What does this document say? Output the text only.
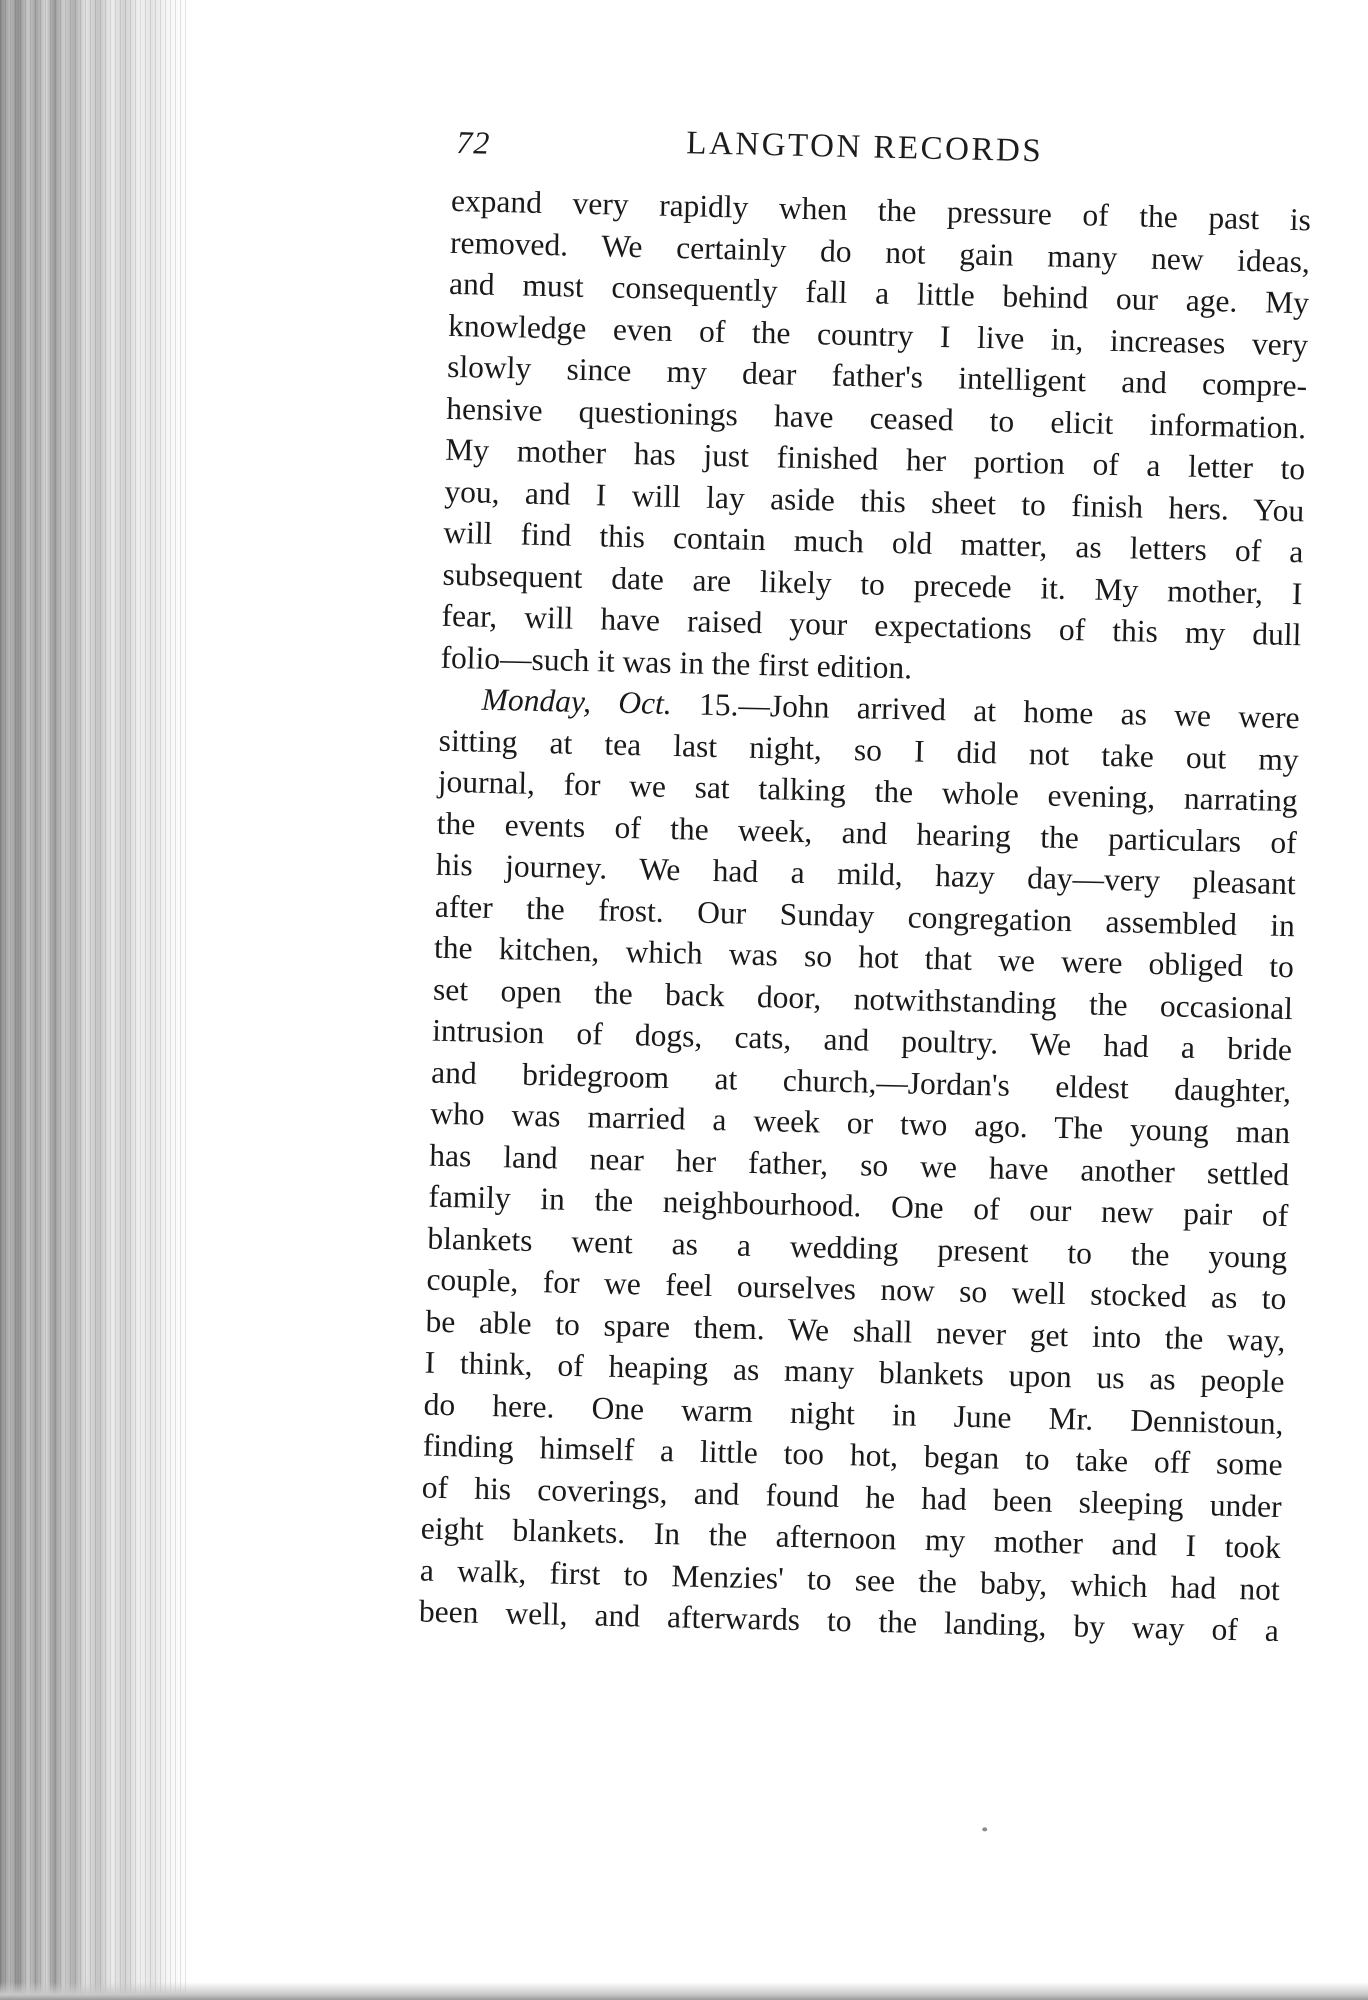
72	LANGTON RECORDS
expand very rapidly when the pressure of the past is
removed. We certainly do not gain many new ideas,
and must consequently fall a little behind our age. My
knowledge even of the country I live in, increases very
slowly since my dear father's intelligent and compre-
hensive questionings have ceased to elicit information.
My mother has just finished her portion of a letter to
you, and I will lay aside this sheet to finish hers. You
will find this contain much old matter, as letters of a
subsequent date are likely to precede it. My mother, I
fear, will have raised your expectations of this my dull
folio—such it was in the first edition.
Monday, Oct. 15.—John arrived at home as we were
sitting at tea last night, so I did not take out my
journal, for we sat talking the whole evening, narrating
the events of the week, and hearing the particulars of
his journey. We had a mild, hazy day—very pleasant
after the frost. Our Sunday congregation assembled in
the kitchen, which was so hot that we were obliged to
set open the back door, notwithstanding the occasional
intrusion of dogs, cats, and poultry. We had a bride
and bridegroom at church,—Jordan's eldest daughter,
who was married a week or two ago. The young man
has land near her father, so we have another settled
family in the neighbourhood. One of our new pair of
blankets went as a wedding present to the young
couple, for we feel ourselves now so well stocked as to
be able to spare them. We shall never get into the way,
I think, of heaping as many blankets upon us as people
do here. One warm night in June Mr. Dennistoun,
finding himself a little too hot, began to take off some
of his coverings, and found he had been sleeping under
eight blankets. In the afternoon my mother and I took
a walk, first to Menzies' to see the baby, which had not
been well, and afterwards to the landing, by way of a
